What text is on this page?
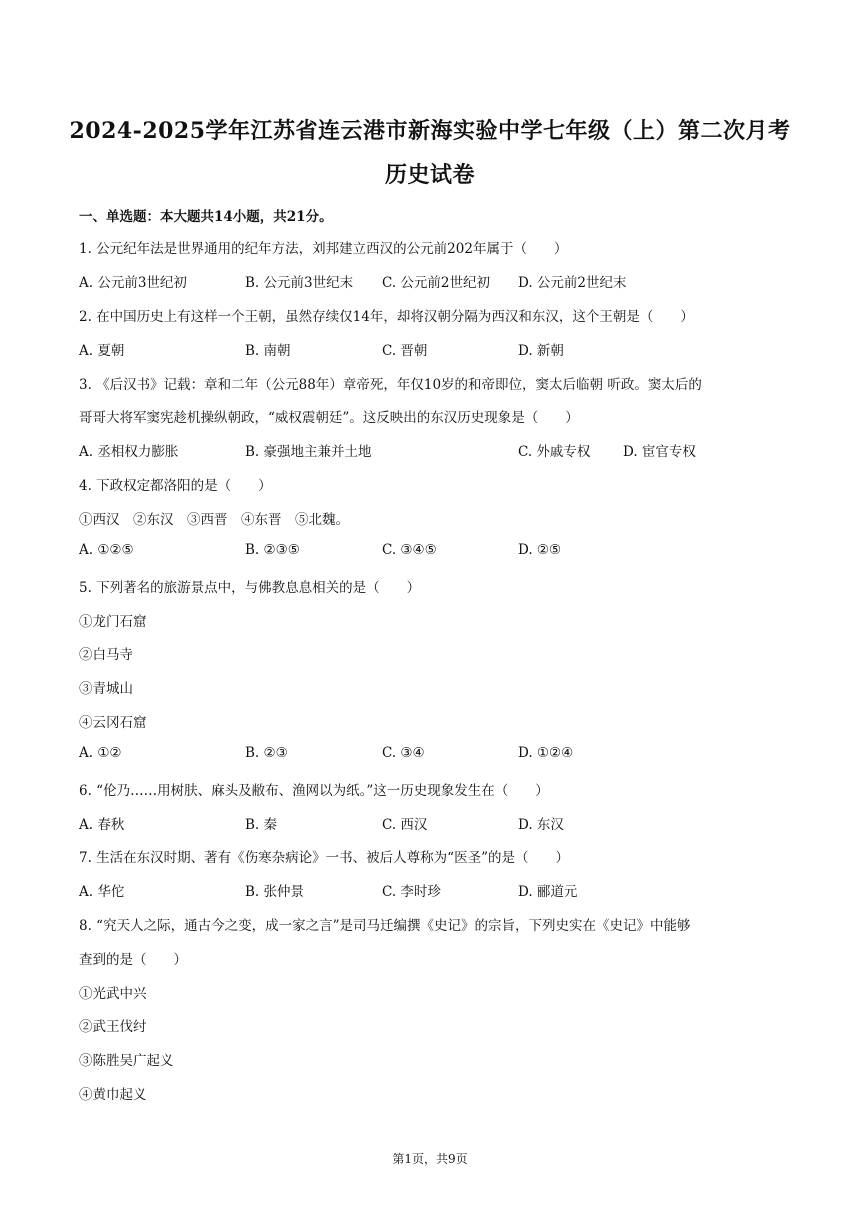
2024-2025学年江苏省连云港市新海实验中学七年级（上）第二次月考
历史试卷
一、单选题：本大题共14小题，共21分。
1. 公元纪年法是世界通用的纪年方法，刘邦建立西汉的公元前202年属于（　　）
A. 公元前3世纪初	B. 公元前3世纪末 C. 公元前2世纪初 D. 公元前2世纪末
2. 在中国历史上有这样一个王朝，虽然存续仅14年，却将汉朝分隔为西汉和东汉，这个王朝是（　　）
A. 夏朝	B. 南朝	C. 晋朝	D. 新朝
3. 《后汉书》记载：章和二年（公元88年）章帝死，年仅10岁的和帝即位，窦太后临朝 听政。窦太后的
哥哥大将军窦宪趁机操纵朝政，“威权震朝廷”。这反映出的东汉历史现象是（　　）
A. 丞相权力膨胀	B. 豪强地主兼并土地	C. 外戚专权 D. 宦官专权
4. 下政权定都洛阳的是（　　）
①西汉　②东汉　③西晋　④东晋　⑤北魏。
A. ①②⑤	B. ②③⑤	C. ③④⑤	D. ②⑤
5. 下列著名的旅游景点中，与佛教息息相关的是（　　）
①龙门石窟
②白马寺
③青城山
④云冈石窟
A. ①②	B. ②③	C. ③④	D. ①②④
6. “伦乃……用树肤、麻头及敝布、渔网以为纸。”这一历史现象发生在（　　）
A. 春秋	B. 秦	C. 西汉	D. 东汉
7. 生活在东汉时期、著有《伤寒杂病论》一书、被后人尊称为“医圣”的是（　　）
A. 华佗	B. 张仲景	C. 李时珍	D. 郦道元
8. “究天人之际，通古今之变，成一家之言”是司马迁编撰《史记》的宗旨，下列史实在《史记》中能够
查到的是（　　）
①光武中兴
②武王伐纣
③陈胜吴广起义
④黄巾起义
第1页，共9页
